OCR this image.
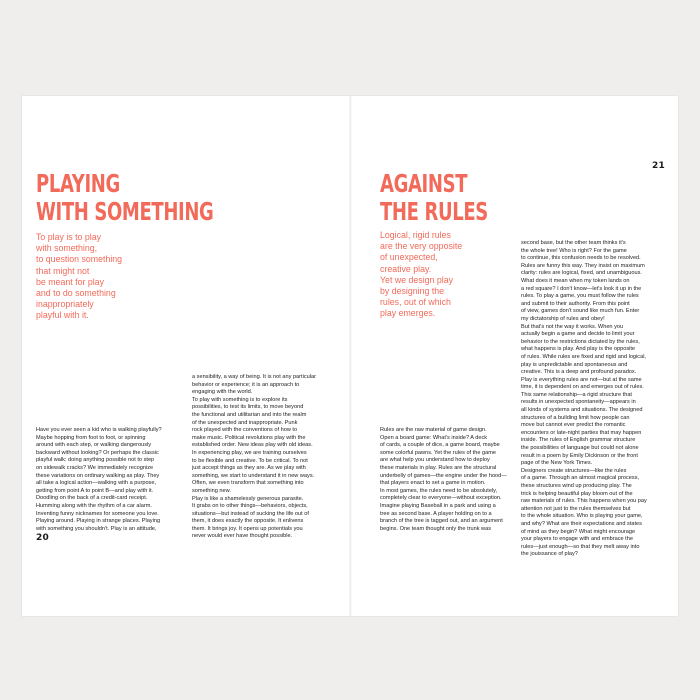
PLAYING
WITH SOMETHING

To play is to play
with something,
to question something
that might not
be meant for play
and to do something
inappropriately
playful with it.

Have you ever seen a kid who is walking playfully?
Maybe hopping from foot to foot, or spinning
around with each step, or walking dangerously
backward without looking? Or perhaps the classic
playful walk: doing anything possible not to step
on sidewalk cracks? We immediately recognize
these variations on ordinary walking as play. They
all take a logical action—walking with a purpose,
getting from point A to point B—and play with it.
Doodling on the back of a credit-card receipt.
Humming along with the rhythm of a car alarm.
Inventing funny nicknames for someone you love.
Playing around. Playing in strange places. Playing
with something you shouldn't. Play is an attitude,

a sensibility, a way of being. It is not any particular
behavior or experience; it is an approach to
engaging with the world.
To play with something is to explore its
possibilities, to test its limits, to move beyond
the functional and utilitarian and into the realm
of the unexpected and inappropriate. Punk
rock played with the conventions of how to
make music. Political revolutions play with the
established order. New ideas play with old ideas.
In experiencing play, we are training ourselves
to be flexible and creative. To be critical. To not
just accept things as they are. As we play with
something, we start to understand it in new ways.
Often, we even transform that something into
something new.
Play is like a shamelessly generous parasite.
It grabs on to other things—behaviors, objects,
situations—but instead of sucking the life out of
them, it does exactly the opposite. It enlivens
them. It brings joy. It opens up potentials you
never would ever have thought possible.

20
21
AGAINST
THE RULES

Logical, rigid rules
are the very opposite
of unexpected,
creative play.
Yet we design play
by designing the
rules, out of which
play emerges.

Rules are the raw material of game design.
Open a board game: What's inside? A deck
of cards, a couple of dice, a game board, maybe
some colorful pawns. Yet the rules of the game
are what help you understand how to deploy
these materials in play. Rules are the structural
underbelly of games—the engine under the hood—
that players enact to set a game in motion.
In most games, the rules need to be absolutely,
completely clear to everyone—without exception.
Imagine playing Baseball in a park and using a
tree as second base. A player holding on to a
branch of the tree is tagged out, and an argument
begins. One team thought only the trunk was

second base, but the other team thinks it's
the whole tree! Who is right? For the game
to continue, this confusion needs to be resolved.
Rules are funny this way. They insist on maximum
clarity: rules are logical, fixed, and unambiguous.
What does it mean when my token lands on
a red square? I don't know—let's look it up in the
rules. To play a game, you must follow the rules
and submit to their authority. From this point
of view, games don't sound like much fun. Enter
my dictatorship of rules and obey!
But that's not the way it works. When you
actually begin a game and decide to limit your
behavior to the restrictions dictated by the rules,
what happens is play. And play is the opposite
of rules. While rules are fixed and rigid and logical,
play is unpredictable and spontaneous and
creative. This is a deep and profound paradox.
Play is everything rules are not—but at the same
time, it is dependent on and emerges out of rules.
This same relationship—a rigid structure that
results in unexpected spontaneity—appears in
all kinds of systems and situations. The designed
structures of a building limit how people can
move but cannot ever predict the romantic
encounters or late-night parties that may happen
inside. The rules of English grammar structure
the possibilities of language but could not alone
result in a poem by Emily Dickinson or the front
page of the New York Times.
Designers create structures—like the rules
of a game. Through an almost magical process,
these structures wind up producing play. The
trick is helping beautiful play bloom out of the
raw materials of rules. This happens when you pay
attention not just to the rules themselves but
to the whole situation. Who is playing your game,
and why? What are their expectations and states
of mind as they begin? What might encourage
your players to engage with and embrace the
rules—just enough—so that they melt away into
the jouissance of play?
